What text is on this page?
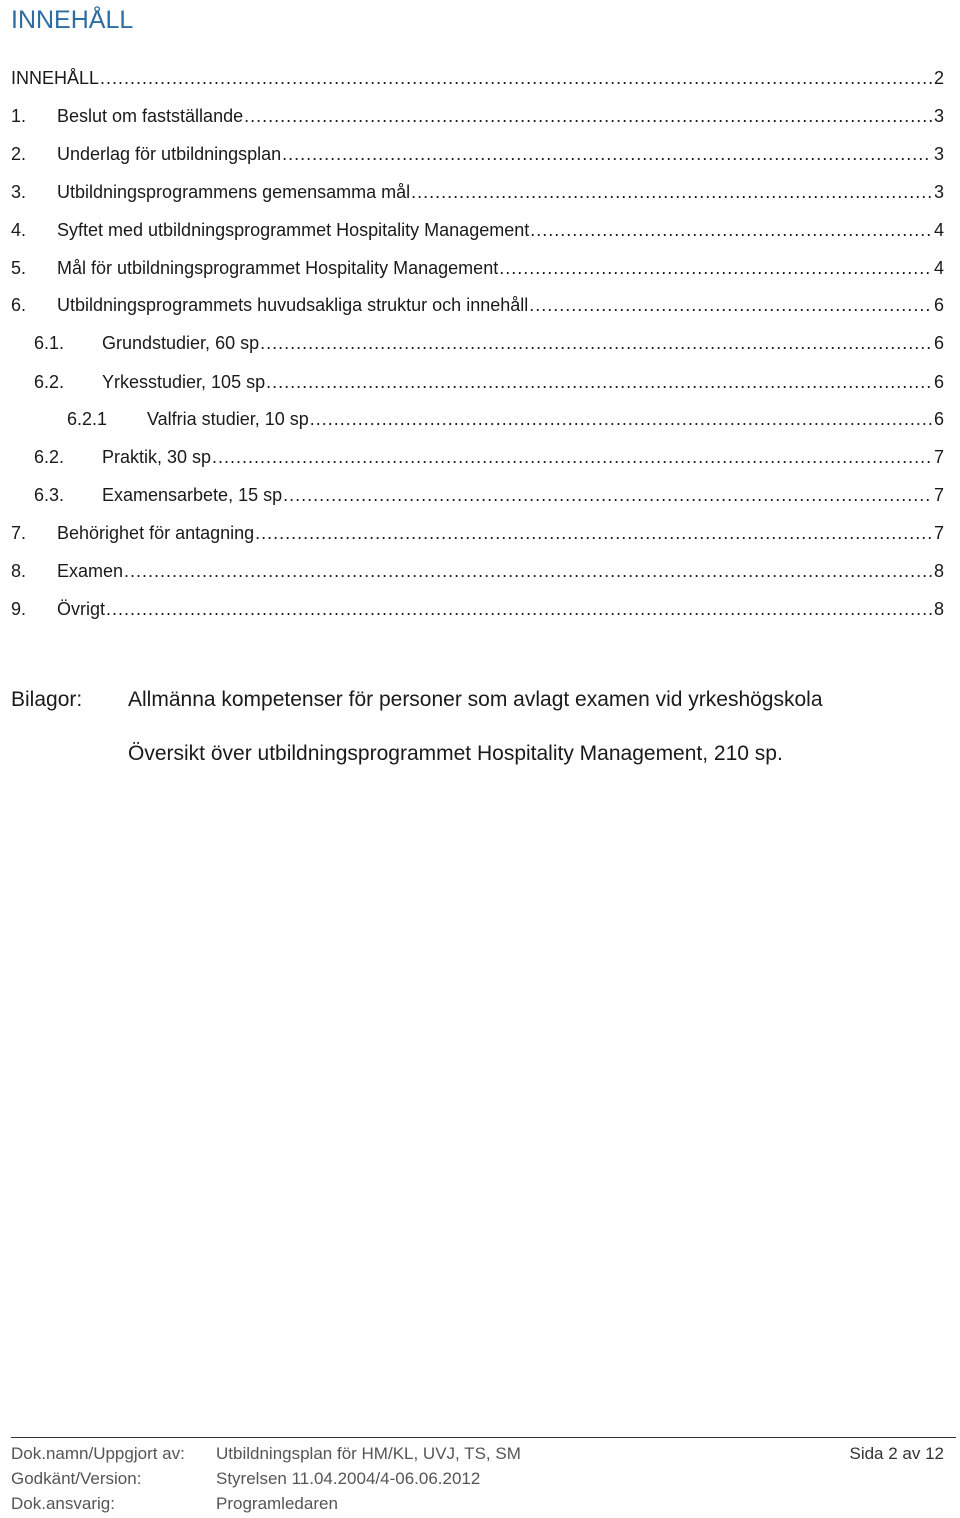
INNEHÅLL
INNEHÅLL .....	2
1.	Beslut om fastställande .....	3
2.	Underlag för utbildningsplan .....	3
3.	Utbildningsprogrammens gemensamma mål .....	3
4.	Syftet med utbildningsprogrammet Hospitality Management .....	4
5.	Mål för utbildningsprogrammet Hospitality Management .....	4
6.	Utbildningsprogrammets huvudsakliga struktur och innehåll .....	6
6.1.	Grundstudier, 60 sp .....	6
6.2.	Yrkesstudier, 105 sp .....	6
6.2.1	Valfria studier, 10 sp .....	6
6.2.	Praktik, 30 sp .....	7
6.3.	Examensarbete, 15 sp .....	7
7.	Behörighet för antagning .....	7
8.	Examen .....	8
9.	Övrigt .....	8
Bilagor: Allmänna kompetenser för personer som avlagt examen vid yrkeshögskola
Översikt över utbildningsprogrammet Hospitality Management, 210 sp.
Dok.namn/Uppgjort av: Utbildningsplan för HM/KL, UVJ, TS, SM
Godkänt/Version:	Styrelsen 11.04.2004/4-06.06.2012
Dok.ansvarig:	Programledaren
Sida 2 av 12
